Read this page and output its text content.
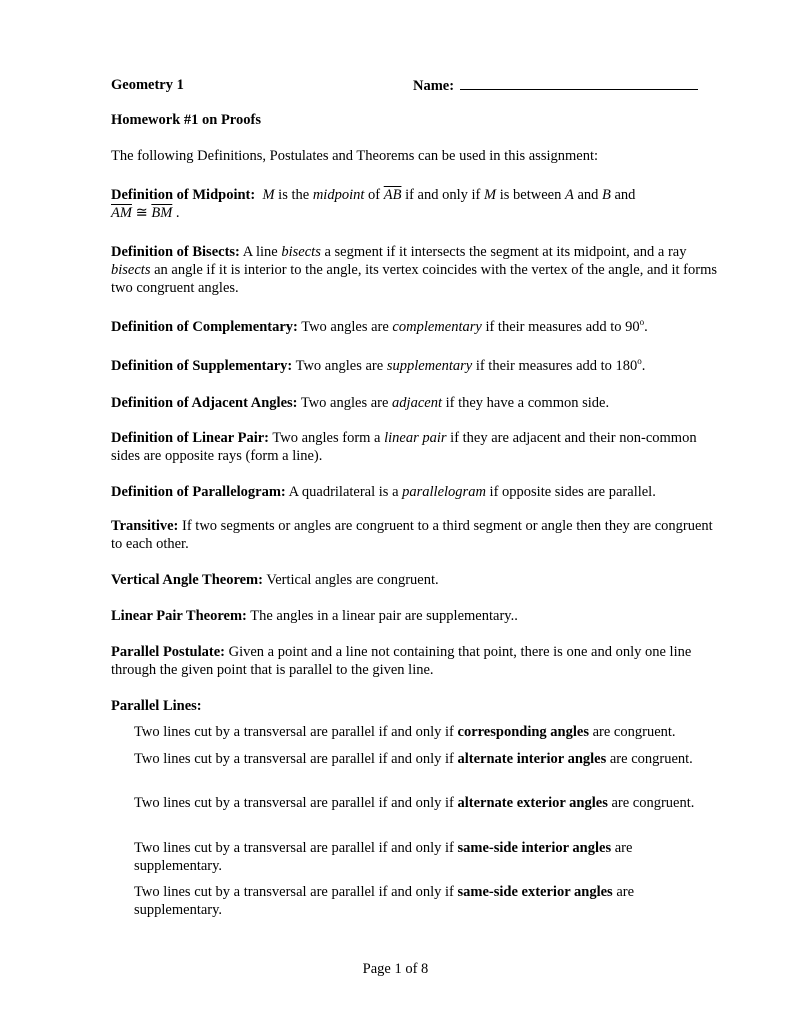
Geometry 1	Name:

Homework #1 on Proofs

The following Definitions, Postulates and Theorems can be used in this assignment:

Definition of Midpoint: M is the midpoint of $\overline{AB}$ if and only if M is between A and B and
$\overline{AM}$ ≅ $\overline{BM}$ .

Definition of Bisects: A line bisects a segment if it intersects the segment at its midpoint, and a ray bisects an angle if it is interior to the angle, its vertex coincides with the vertex of the angle, and it forms two congruent angles.

Definition of Complementary: Two angles are complementary if their measures add to 90$^o$.

Definition of Supplementary: Two angles are supplementary if their measures add to 180$^o$.

Definition of Adjacent Angles: Two angles are adjacent if they have a common side.

Definition of Linear Pair: Two angles form a linear pair if they are adjacent and their non-common sides are opposite rays (form a line).

Definition of Parallelogram: A quadrilateral is a parallelogram if opposite sides are parallel.

Transitive: If two segments or angles are congruent to a third segment or angle then they are congruent to each other.

Vertical Angle Theorem: Vertical angles are congruent.

Linear Pair Theorem: The angles in a linear pair are supplementary..

Parallel Postulate: Given a point and a line not containing that point, there is one and only one line through the given point that is parallel to the given line.

Parallel Lines:

Two lines cut by a transversal are parallel if and only if corresponding angles are congruent.

Two lines cut by a transversal are parallel if and only if alternate interior angles are congruent.

Two lines cut by a transversal are parallel if and only if alternate exterior angles are congruent.

Two lines cut by a transversal are parallel if and only if same-side interior angles are supplementary.

Two lines cut by a transversal are parallel if and only if same-side exterior angles are supplementary.

Page 1 of 8
